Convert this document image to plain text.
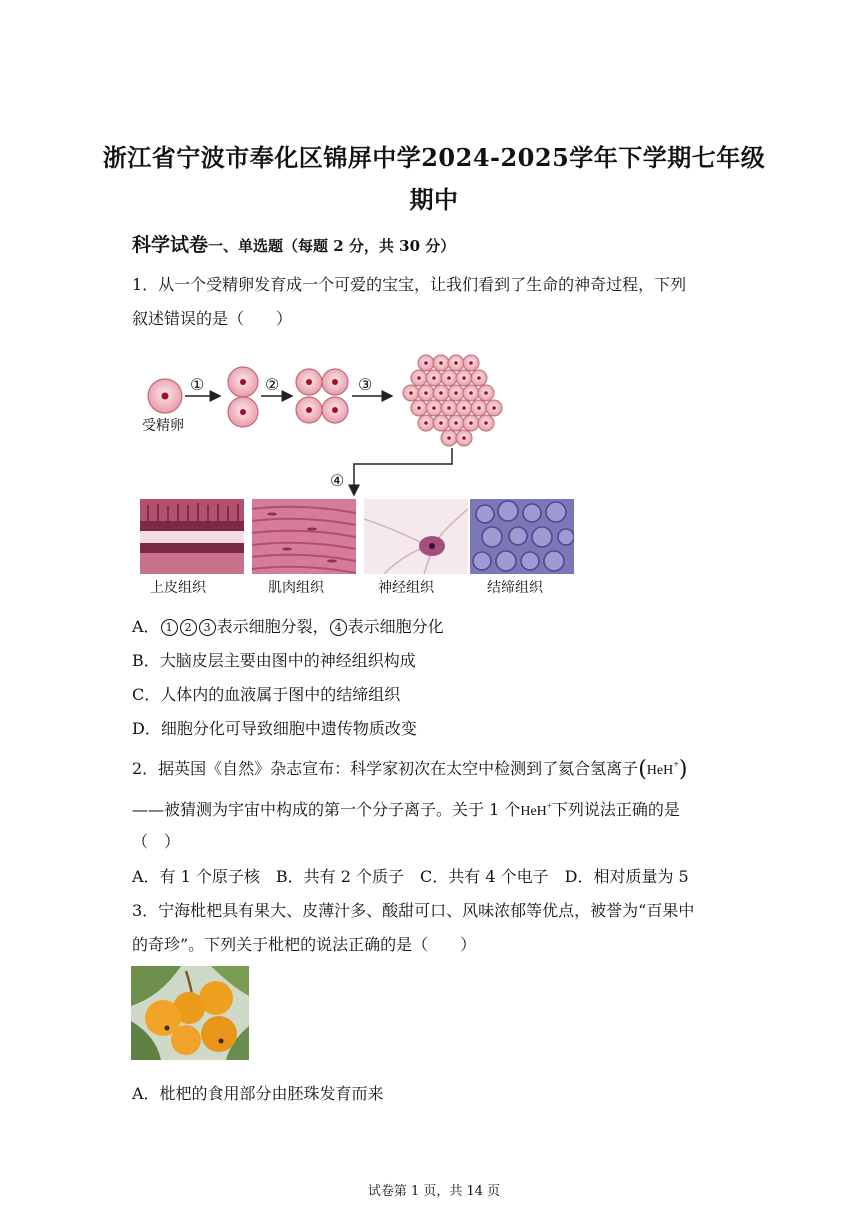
浙江省宁波市奉化区锦屏中学2024-2025学年下学期七年级
期中
科学试卷一、单选题（每题 2 分，共 30 分）
1．从一个受精卵发育成一个可爱的宝宝，让我们看到了生命的神奇过程，下列
叙述错误的是（　　）
受精卵
①	②	③
④
上皮组织	肌肉组织	神经组织	结缔组织
A． 1 2 3 表示细胞分裂， 4 表示细胞分化
B．大脑皮层主要由图中的神经组织构成
C．人体内的血液属于图中的结缔组织
D．细胞分化可导致细胞中遗传物质改变
2．据英国《自然》杂志宣布：科学家初次在太空中检测到了氦合氢离子(HeH+)
——被猜测为宇宙中构成的第一个分子离子。关于 1 个HeH+下列说法正确的是
（　）
A．有 1 个原子核　B．共有 2 个质子　C．共有 4 个电子　D．相对质量为 5
3．宁海枇杷具有果大、皮薄汁多、酸甜可口、风味浓郁等优点，被誉为“百果中
的奇珍”。下列关于枇杷的说法正确的是（　　）
A．枇杷的食用部分由胚珠发育而来
试卷第 1 页，共 14 页
